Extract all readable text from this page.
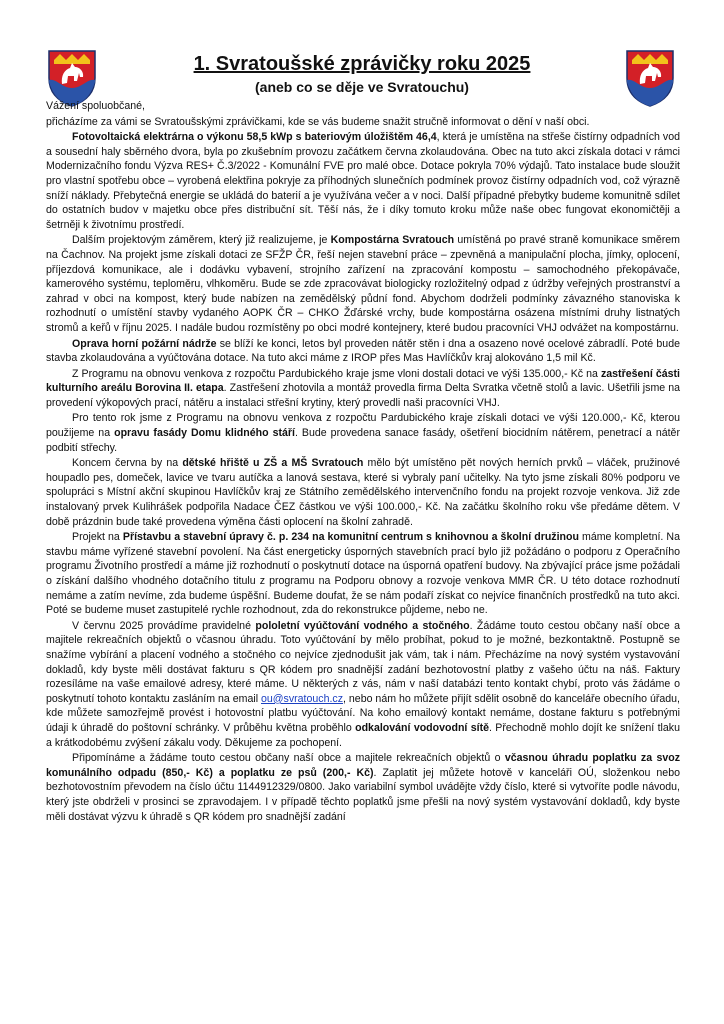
1. Svratoušské zprávičky roku 2025
(aneb co se děje ve Svratouchu)

Vážení spoluobčané,

přicházíme za vámi se Svratoušskými zprávičkami, kde se vás budeme snažit stručně informovat o dění v naší obci.

Fotovoltaická elektrárna o výkonu 58,5 kWp s bateriovým úložištěm 46,4, která je umístěna na střeše čistírny odpadních vod a sousední haly sběrného dvora, byla po zkušebním provozu začátkem června zkolaudována. Obec na tuto akci získala dotaci v rámci Modernizačního fondu Výzva RES+ Č.3/2022 - Komunální FVE pro malé obce. Dotace pokryla 70% výdajů. Tato instalace bude sloužit pro vlastní spotřebu obce – vyrobená elektřina pokryje za příhodných slunečních podmínek provoz čistírny odpadních vod, což výrazně sníží náklady. Přebytečná energie se ukládá do baterií a je využívána večer a v noci. Další případné přebytky budeme komunitně sdílet do ostatních budov v majetku obce přes distribuční sít. Těší nás, že i díky tomuto kroku může naše obec fungovat ekonomičtěji a šetrněji k životnímu prostředí.

Dalším projektovým záměrem, který již realizujeme, je Kompostárna Svratouch umístěná po pravé straně komunikace směrem na Čachnov. Na projekt jsme získali dotaci ze SFŽP ČR, řeší nejen stavební práce – zpevněná a manipulační plocha, jímky, oplocení, příjezdová komunikace, ale i dodávku vybavení, strojního zařízení na zpracování kompostu – samochodného překopávače, kamerového systému, teploměru, vlhkoměru. Bude se zde zpracovávat biologicky rozložitelný odpad z údržby veřejných prostranství a zahrad v obci na kompost, který bude nabízen na zemědělský půdní fond. Abychom dodrželi podmínky závazného stanoviska k rozhodnutí o umístění stavby vydaného AOPK ČR – CHKO Žďárské vrchy, bude kompostárna osázena místními druhy listnatých stromů a keřů v říjnu 2025. I nadále budou rozmístěny po obci modré kontejnery, které budou pracovníci VHJ odvážet na kompostárnu.

Oprava horní požární nádrže se blíží ke konci, letos byl proveden nátěr stěn i dna a osazeno nové ocelové zábradlí. Poté bude stavba zkolaudována a vyúčtována dotace. Na tuto akci máme z IROP přes Mas Havlíčkův kraj alokováno 1,5 mil Kč.

Z Programu na obnovu venkova z rozpočtu Pardubického kraje jsme vloni dostali dotaci ve výši 135.000,- Kč na zastřešení části kulturního areálu Borovina II. etapa. Zastřešení zhotovila a montáž provedla firma Delta Svratka včetně stolů a lavic. Ušetřili jsme na provedení výkopových prací, nátěru a instalaci střešní krytiny, který provedli naši pracovníci VHJ.

Pro tento rok jsme z Programu na obnovu venkova z rozpočtu Pardubického kraje získali dotaci ve výši 120.000,- Kč, kterou použijeme na opravu fasády Domu klidného stáří. Bude provedena sanace fasády, ošetření biocidním nátěrem, penetrací a nátěr podbití střechy.

Koncem června by na dětské hřiště u ZŠ a MŠ Svratouch mělo být umístěno pět nových herních prvků – vláček, pružinové houpadlo pes, domeček, lavice ve tvaru autíčka a lanová sestava, které si vybraly paní učitelky. Na tyto jsme získali 80% podporu ve spolupráci s Místní akční skupinou Havlíčkův kraj ze Státního zemědělského intervenčního fondu na projekt rozvoje venkova. Již zde instalovaný prvek Kulihrášek podpořila Nadace ČEZ částkou ve výši 100.000,- Kč. Na začátku školního roku vše předáme dětem. V době prázdnin bude také provedena výměna části oplocení na školní zahradě.

Projekt na Přístavbu a stavební úpravy č. p. 234 na komunitní centrum s knihovnou a školní družinou máme kompletní. Na stavbu máme vyřízené stavební povolení. Na část energeticky úsporných stavebních prací bylo již požádáno o podporu z Operačního programu Životního prostředí a máme již rozhodnutí o poskytnutí dotace na úsporná opatření budovy. Na zbývající práce jsme požádali o získání dalšího vhodného dotačního titulu z programu na Podporu obnovy a rozvoje venkova MMR ČR. U této dotace rozhodnutí nemáme a zatím nevíme, zda budeme úspěšní. Budeme doufat, že se nám podaří získat co nejvíce finančních prostředků na tuto akci. Poté se budeme muset zastupitelé rychle rozhodnout, zda do rekonstrukce půjdeme, nebo ne.

V červnu 2025 provádíme pravidelné pololetní vyúčtování vodného a stočného. Žádáme touto cestou občany naší obce a majitele rekreačních objektů o včasnou úhradu. Toto vyúčtování by mělo probíhat, pokud to je možné, bezkontaktně. Postupně se snažíme vybírání a placení vodného a stočného co nejvíce zjednodušit jak vám, tak i nám. Přecházíme na nový systém vystavování dokladů, kdy byste měli dostávat fakturu s QR kódem pro snadnější zadání bezhotovostní platby z vašeho účtu na náš. Faktury rozesíláme na vaše emailové adresy, které máme. U některých z vás, nám v naší databázi tento kontakt chybí, proto vás žádáme o poskytnutí tohoto kontaktu zasláním na email ou@svratouch.cz, nebo nám ho můžete přijít sdělit osobně do kanceláře obecního úřadu, kde můžete samozřejmě provést i hotovostní platbu vyúčtování. Na koho emailový kontakt nemáme, dostane fakturu s potřebnými údaji k úhradě do poštovní schránky. V průběhu května proběhlo odkalování vodovodní sítě. Přechodně mohlo dojít ke snížení tlaku a krátkodobému zvýšení zákalu vody. Děkujeme za pochopení.

Připomínáme a žádáme touto cestou občany naší obce a majitele rekreačních objektů o včasnou úhradu poplatku za svoz komunálního odpadu (850,- Kč) a poplatku ze psů (200,- Kč). Zaplatit jej můžete hotově v kanceláři OÚ, složenkou nebo bezhotovostním převodem na číslo účtu 1144912329/0800. Jako variabilní symbol uvádějte vždy číslo, které si vytvoříte podle návodu, který jste obdrželi v prosinci se zpravodajem. I v případě těchto poplatků jsme přešli na nový systém vystavování dokladů, kdy byste měli dostávat výzvu k úhradě s QR kódem pro snadnější zadání
